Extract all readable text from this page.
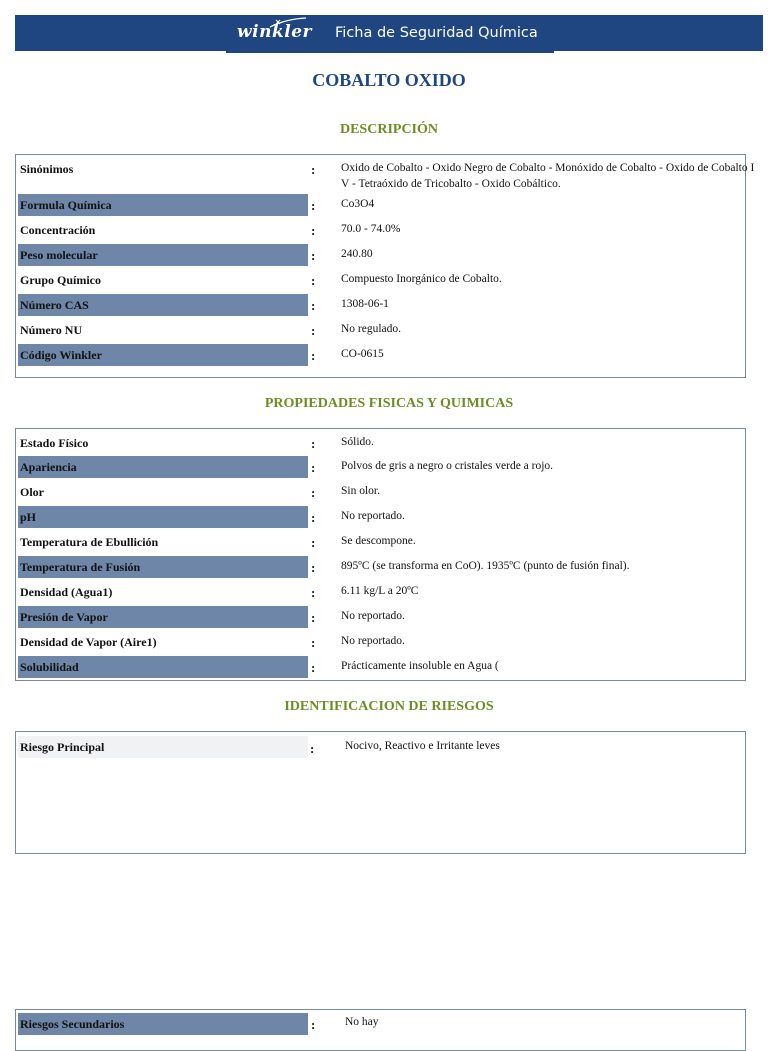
winkler Ficha de Seguridad Química
COBALTO OXIDO
DESCRIPCIÓN
Sinónimos	: Oxido de Cobalto - Oxido Negro de Cobalto - Monóxido de Cobalto - Oxido de Cobalto IV - Tetraóxido de Tricobalto - Oxido Cobáltico.
Formula Química	: Co3O4
Concentración	: 70.0 - 74.0%
Peso molecular	: 240.80
Grupo Químico	: Compuesto Inorgánico de Cobalto.
Número CAS	: 1308-06-1
Número NU	: No regulado.
Código Winkler	: CO-0615
PROPIEDADES FISICAS Y QUIMICAS
Estado Físico	: Sólido.
Apariencia	: Polvos de gris a negro o cristales verde a rojo.
Olor	: Sin olor.
pH	: No reportado.
Temperatura de Ebullición	: Se descompone.
Temperatura de Fusión	: 895ºC (se transforma en CoO). 1935ºC (punto de fusión final).
Densidad (Agua1)	: 6.11 kg/L a 20ºC
Presión de Vapor	: No reportado.
Densidad de Vapor (Aire1)	: No reportado.
Solubilidad	: Prácticamente insoluble en Agua (
IDENTIFICACION DE RIESGOS
Riesgo Principal	:	Nocivo, Reactivo e Irritante leves
Riesgos Secundarios	:	No hay
